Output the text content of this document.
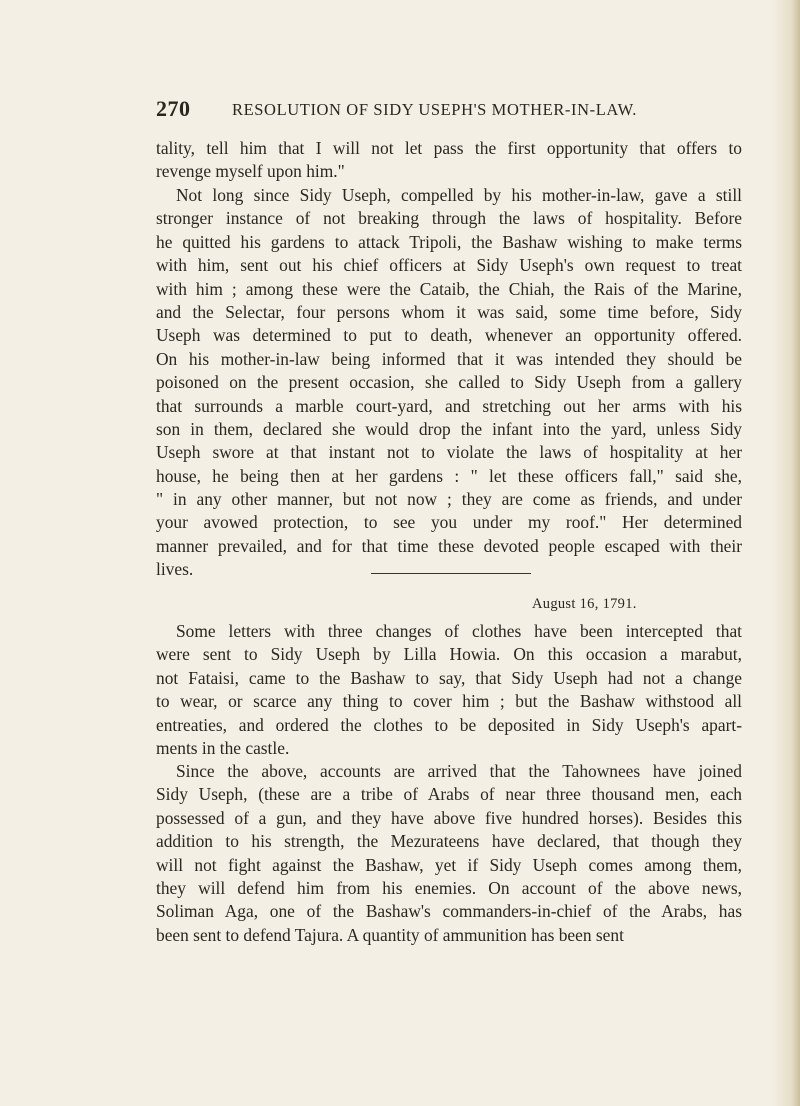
270	RESOLUTION OF SIDY USEPH'S MOTHER-IN-LAW.

tality, tell him that I will not let pass the first opportunity that offers to
revenge myself upon him."

Not long since Sidy Useph, compelled by his mother-in-law, gave a still
stronger instance of not breaking through the laws of hospitality. Before
he quitted his gardens to attack Tripoli, the Bashaw wishing to make terms
with him, sent out his chief officers at Sidy Useph's own request to treat
with him ; among these were the Cataib, the Chiah, the Rais of the Marine,
and the Selectar, four persons whom it was said, some time before, Sidy
Useph was determined to put to death, whenever an opportunity offered.
On his mother-in-law being informed that it was intended they should be
poisoned on the present occasion, she called to Sidy Useph from a gallery
that surrounds a marble court-yard, and stretching out her arms with his
son in them, declared she would drop the infant into the yard, unless Sidy
Useph swore at that instant not to violate the laws of hospitality at her
house, he being then at her gardens : " let these officers fall," said she,
" in any other manner, but not now ; they are come as friends, and under
your avowed protection, to see you under my roof." Her determined
manner prevailed, and for that time these devoted people escaped with their
lives.

August 16, 1791.

Some letters with three changes of clothes have been intercepted that
were sent to Sidy Useph by Lilla Howia. On this occasion a marabut,
not Fataisi, came to the Bashaw to say, that Sidy Useph had not a change
to wear, or scarce any thing to cover him ; but the Bashaw withstood all
entreaties, and ordered the clothes to be deposited in Sidy Useph's apart-
ments in the castle.

Since the above, accounts are arrived that the Tahownees have joined
Sidy Useph, (these are a tribe of Arabs of near three thousand men, each
possessed of a gun, and they have above five hundred horses). Besides this
addition to his strength, the Mezurateens have declared, that though they
will not fight against the Bashaw, yet if Sidy Useph comes among them,
they will defend him from his enemies. On account of the above news,
Soliman Aga, one of the Bashaw's commanders-in-chief of the Arabs, has
been sent to defend Tajura. A quantity of ammunition has been sent
